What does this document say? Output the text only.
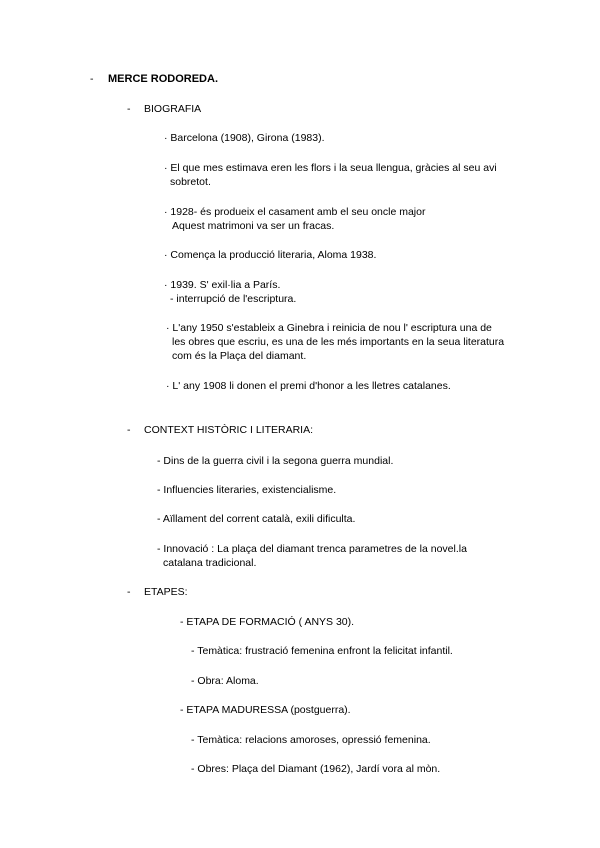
- MERCE RODOREDA.
- BIOGRAFIA
· Barcelona (1908), Girona (1983).
· El que mes estimava eren les flors i la seua llengua, gràcies al seu avi
sobretot.
· 1928- és produeix el casament amb el seu oncle major
Aquest matrimoni va ser un fracas.
· Comença la producció literaria, Aloma 1938.
· 1939. S' exil·lia a París.
- interrupció de l'escriptura.
· L'any 1950 s'estableix a Ginebra i reinicia de nou l' escriptura una de
les obres que escriu, es una de les més importants en la seua literatura
com és la Plaça del diamant.
· L' any 1908 li donen el premi d'honor a les lletres catalanes.
- CONTEXT HISTÒRIC I LITERARIA:
- Dins de la guerra civil i la segona guerra mundial.
- Influencies literaries, existencialisme.
- Aïllament del corrent català, exili dificulta.
- Innovació : La plaça del diamant trenca parametres de la novel.la
catalana tradicional.
- ETAPES:
- ETAPA DE FORMACIÓ ( ANYS 30).
- Temàtica: frustració femenina enfront la felicitat infantil.
- Obra: Aloma.
- ETAPA MADURESSA (postguerra).
- Temàtica: relacions amoroses, opressió femenina.
- Obres: Plaça del Diamant (1962), Jardí vora al mòn.
